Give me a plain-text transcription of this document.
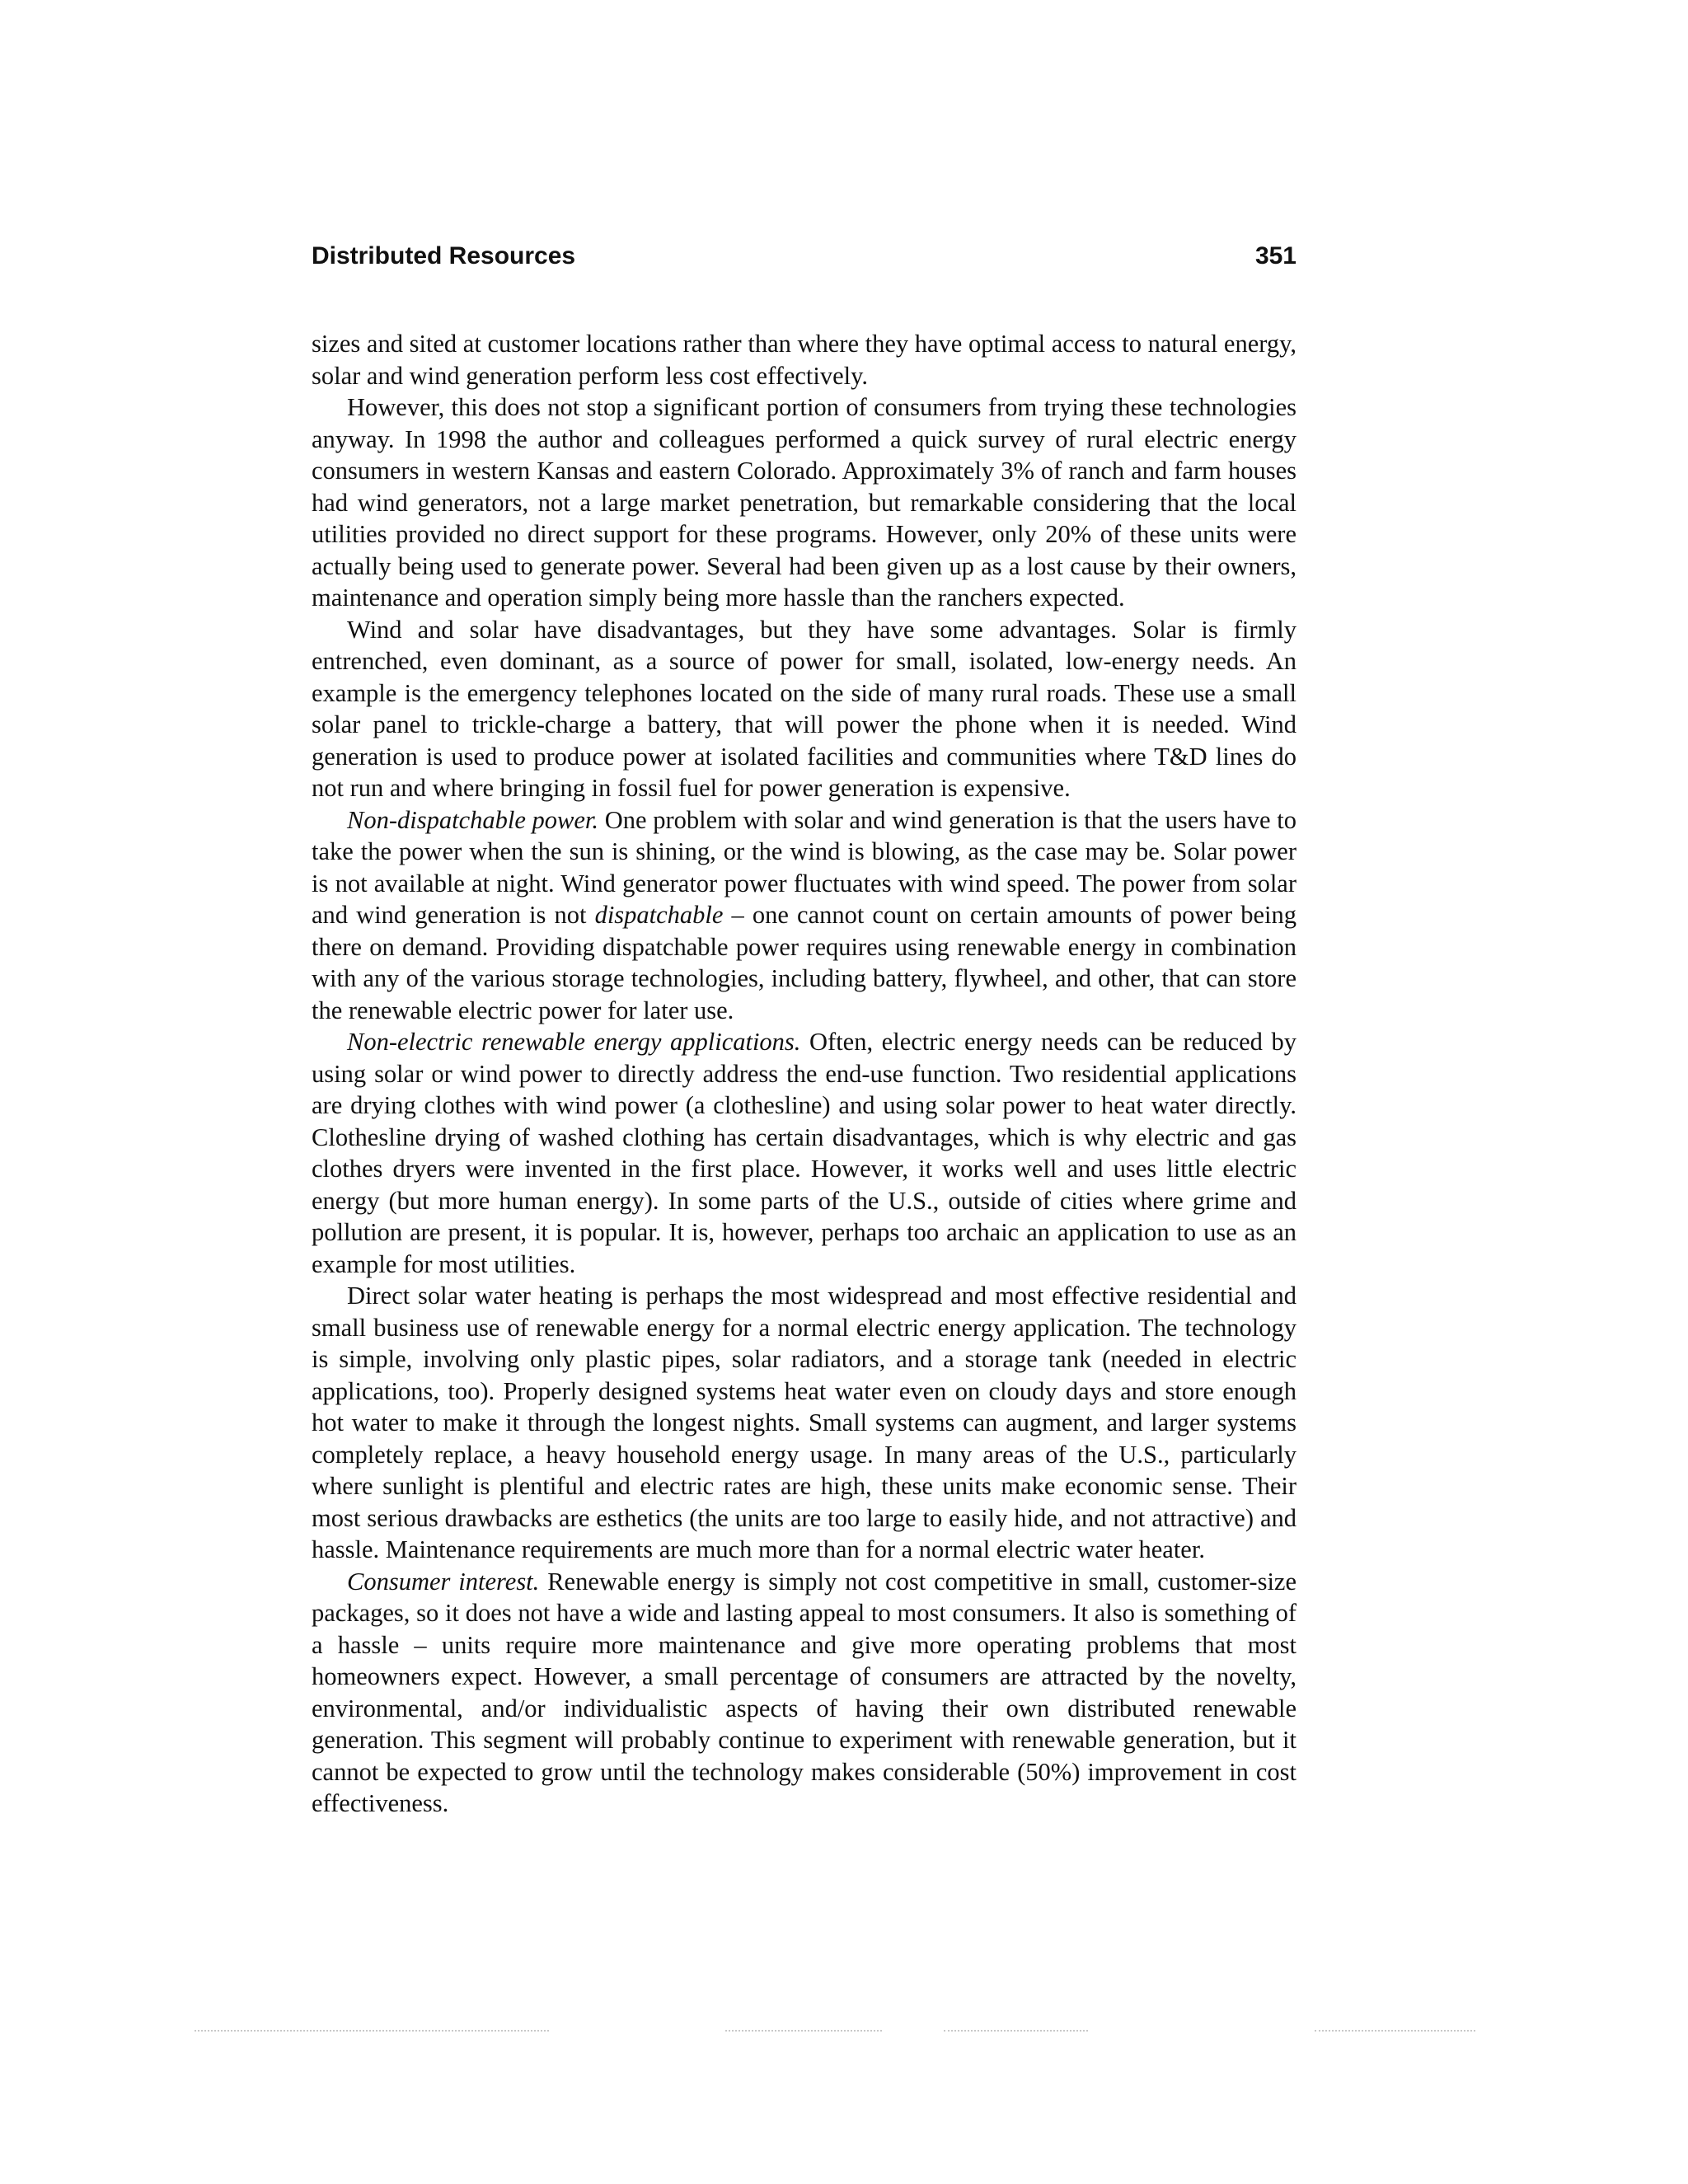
Distributed Resources	351

sizes and sited at customer locations rather than where they have optimal access to natural energy, solar and wind generation perform less cost effectively.

However, this does not stop a significant portion of consumers from trying these technologies anyway. In 1998 the author and colleagues performed a quick survey of rural electric energy consumers in western Kansas and eastern Colorado. Approximately 3% of ranch and farm houses had wind generators, not a large market penetration, but remarkable considering that the local utilities provided no direct support for these programs. However, only 20% of these units were actually being used to generate power. Several had been given up as a lost cause by their owners, maintenance and operation simply being more hassle than the ranchers expected.

Wind and solar have disadvantages, but they have some advantages. Solar is firmly entrenched, even dominant, as a source of power for small, isolated, low-energy needs. An example is the emergency telephones located on the side of many rural roads. These use a small solar panel to trickle-charge a battery, that will power the phone when it is needed. Wind generation is used to produce power at isolated facilities and communities where T&D lines do not run and where bringing in fossil fuel for power generation is expensive.

Non-dispatchable power. One problem with solar and wind generation is that the users have to take the power when the sun is shining, or the wind is blowing, as the case may be. Solar power is not available at night. Wind generator power fluctuates with wind speed. The power from solar and wind generation is not dispatchable – one cannot count on certain amounts of power being there on demand. Providing dispatchable power requires using renewable energy in combination with any of the various storage technologies, including battery, flywheel, and other, that can store the renewable electric power for later use.

Non-electric renewable energy applications. Often, electric energy needs can be reduced by using solar or wind power to directly address the end-use function. Two residential applications are drying clothes with wind power (a clothesline) and using solar power to heat water directly. Clothesline drying of washed clothing has certain disadvantages, which is why electric and gas clothes dryers were invented in the first place. However, it works well and uses little electric energy (but more human energy). In some parts of the U.S., outside of cities where grime and pollution are present, it is popular. It is, however, perhaps too archaic an application to use as an example for most utilities.

Direct solar water heating is perhaps the most widespread and most effective residential and small business use of renewable energy for a normal electric energy application. The technology is simple, involving only plastic pipes, solar radiators, and a storage tank (needed in electric applications, too). Properly designed systems heat water even on cloudy days and store enough hot water to make it through the longest nights. Small systems can augment, and larger systems completely replace, a heavy household energy usage. In many areas of the U.S., particularly where sunlight is plentiful and electric rates are high, these units make economic sense. Their most serious drawbacks are esthetics (the units are too large to easily hide, and not attractive) and hassle. Maintenance requirements are much more than for a normal electric water heater.

Consumer interest. Renewable energy is simply not cost competitive in small, customer-size packages, so it does not have a wide and lasting appeal to most consumers. It also is something of a hassle – units require more maintenance and give more operating problems that most homeowners expect. However, a small percentage of consumers are attracted by the novelty, environmental, and/or individualistic aspects of having their own distributed renewable generation. This segment will probably continue to experiment with renewable generation, but it cannot be expected to grow until the technology makes considerable (50%) improvement in cost effectiveness.
